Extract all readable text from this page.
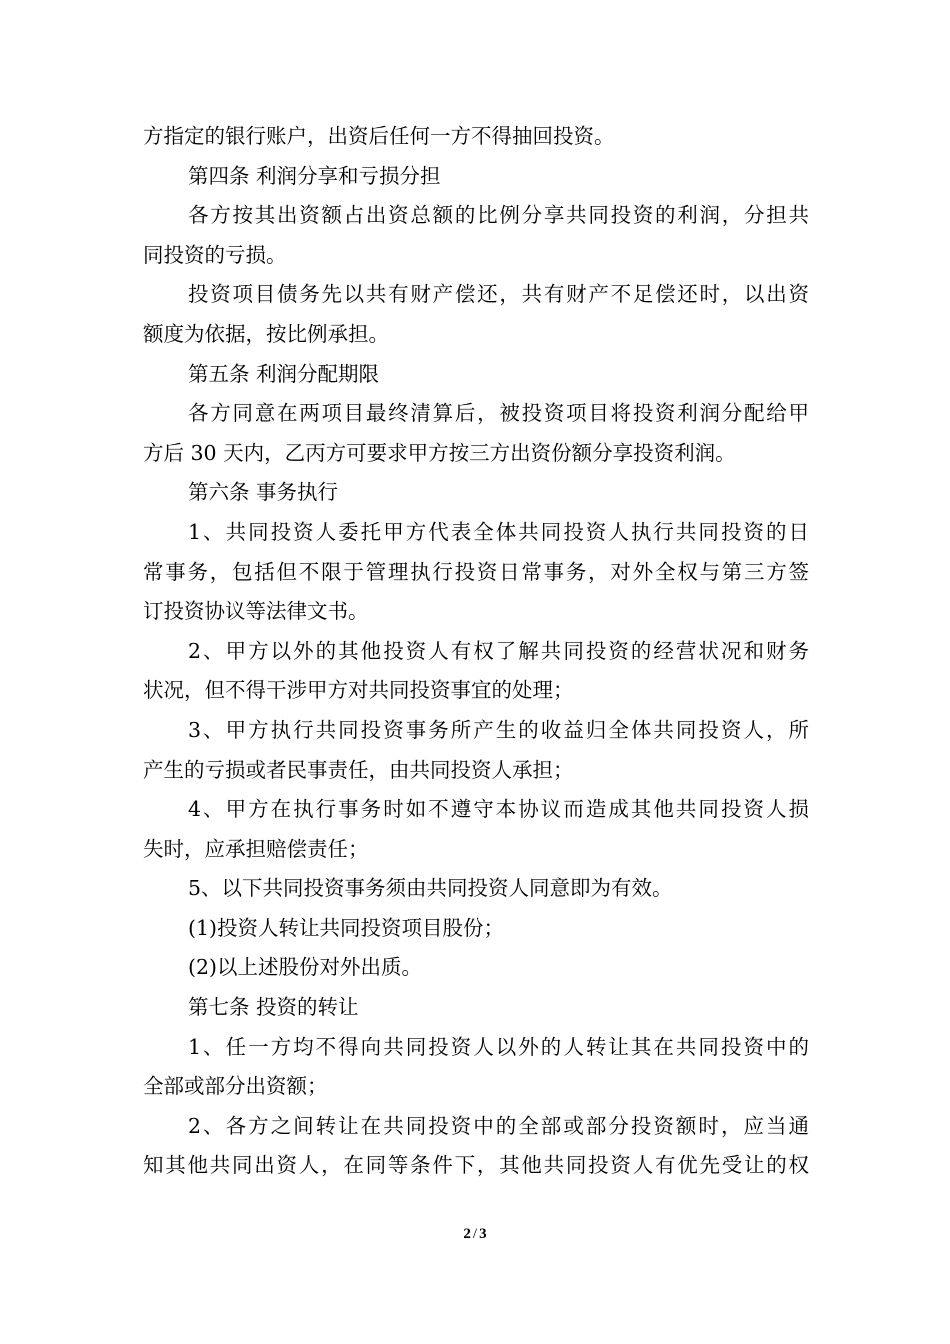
方指定的银行账户，出资后任何一方不得抽回投资。
第四条 利润分享和亏损分担
各方按其出资额占出资总额的比例分享共同投资的利润，分担共
同投资的亏损。
投资项目债务先以共有财产偿还，共有财产不足偿还时，以出资
额度为依据，按比例承担。
第五条 利润分配期限
各方同意在两项目最终清算后，被投资项目将投资利润分配给甲
方后 30 天内，乙丙方可要求甲方按三方出资份额分享投资利润。
第六条 事务执行
1、共同投资人委托甲方代表全体共同投资人执行共同投资的日
常事务，包括但不限于管理执行投资日常事务，对外全权与第三方签
订投资协议等法律文书。
2、甲方以外的其他投资人有权了解共同投资的经营状况和财务
状况，但不得干涉甲方对共同投资事宜的处理；
3、甲方执行共同投资事务所产生的收益归全体共同投资人，所
产生的亏损或者民事责任，由共同投资人承担；
4、甲方在执行事务时如不遵守本协议而造成其他共同投资人损
失时，应承担赔偿责任；
5、以下共同投资事务须由共同投资人同意即为有效。
(1)投资人转让共同投资项目股份；
(2)以上述股份对外出质。
第七条 投资的转让
1、任一方均不得向共同投资人以外的人转让其在共同投资中的
全部或部分出资额；
2、各方之间转让在共同投资中的全部或部分投资额时，应当通
知其他共同出资人，在同等条件下，其他共同投资人有优先受让的权
2 / 3
